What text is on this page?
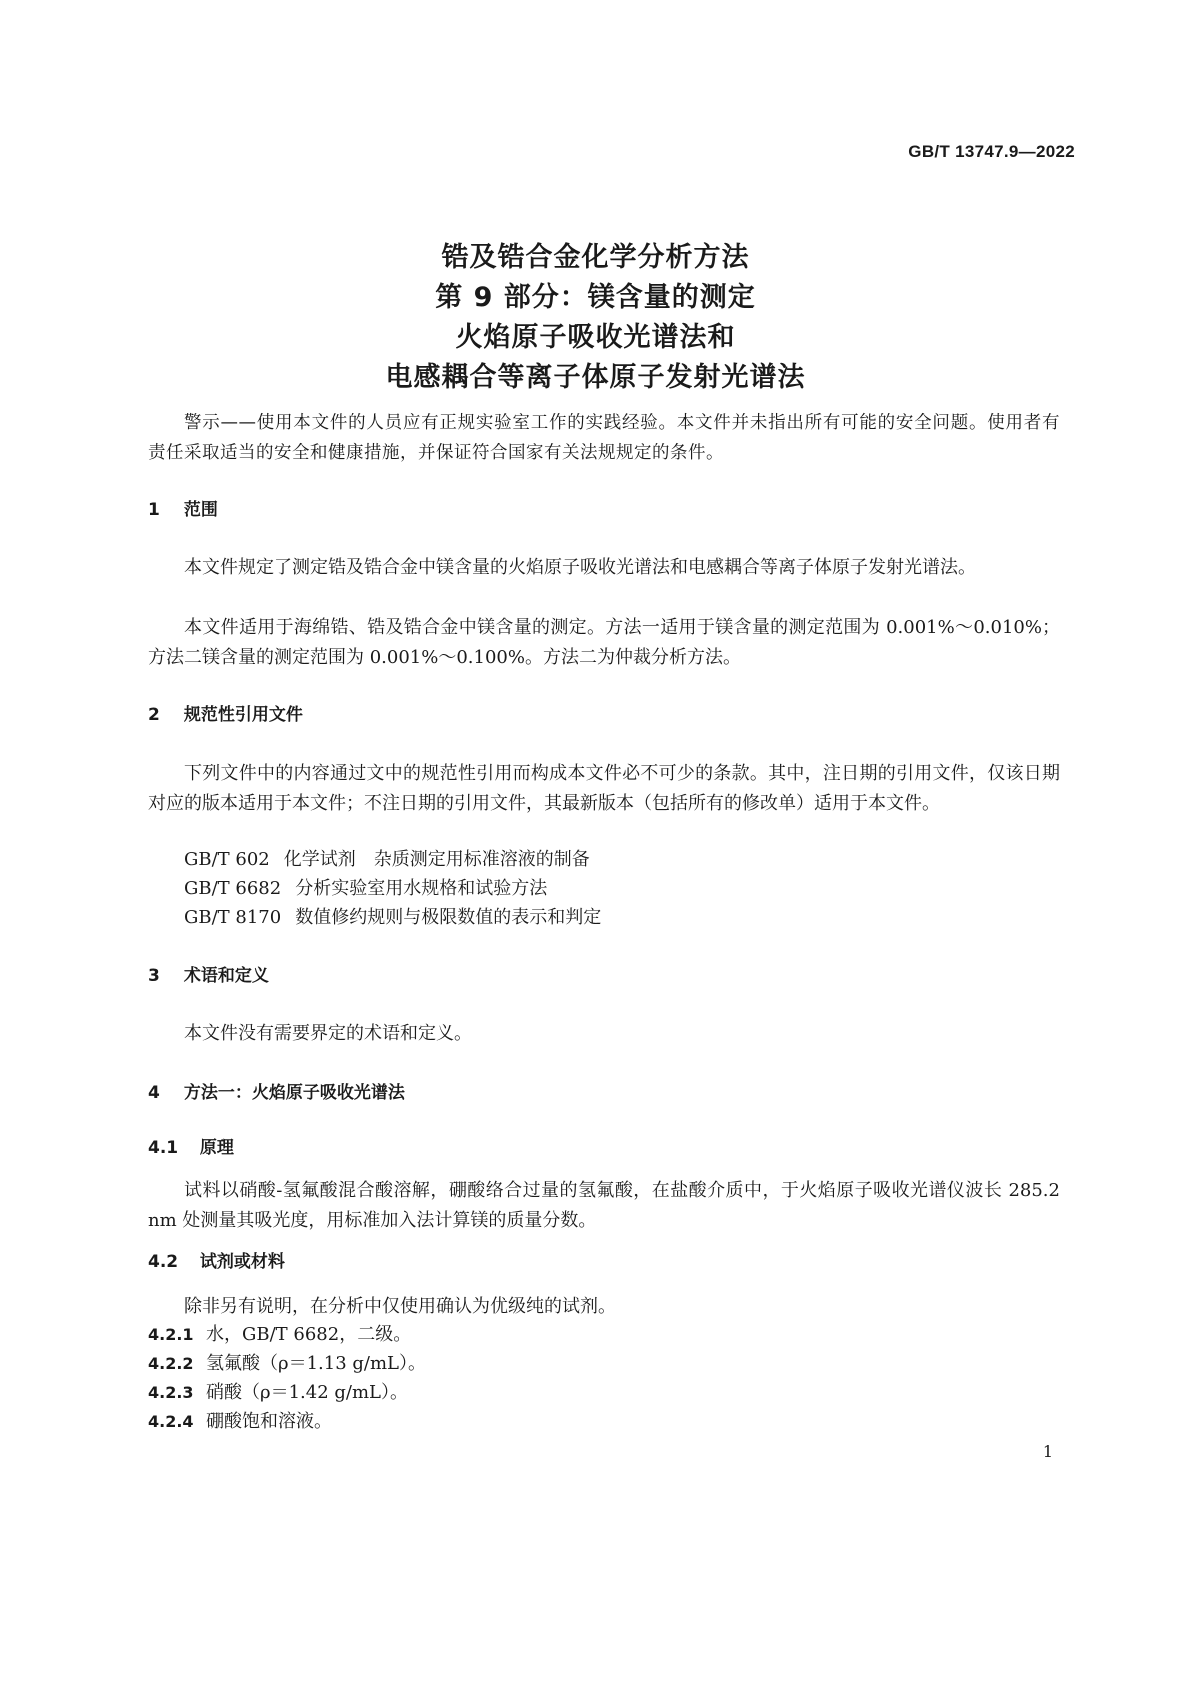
GB/T 13747.9—2022
锆及锆合金化学分析方法
第 9 部分：镁含量的测定
火焰原子吸收光谱法和
电感耦合等离子体原子发射光谱法
警示——使用本文件的人员应有正规实验室工作的实践经验。本文件并未指出所有可能的安全问题。使用者有责任采取适当的安全和健康措施，并保证符合国家有关法规规定的条件。
1 范围
本文件规定了测定锆及锆合金中镁含量的火焰原子吸收光谱法和电感耦合等离子体原子发射光谱法。
本文件适用于海绵锆、锆及锆合金中镁含量的测定。方法一适用于镁含量的测定范围为 0.001%～0.010%；方法二镁含量的测定范围为 0.001%～0.100%。方法二为仲裁分析方法。
2 规范性引用文件
下列文件中的内容通过文中的规范性引用而构成本文件必不可少的条款。其中，注日期的引用文件，仅该日期对应的版本适用于本文件；不注日期的引用文件，其最新版本（包括所有的修改单）适用于本文件。
GB/T 602 化学试剂　杂质测定用标准溶液的制备
GB/T 6682 分析实验室用水规格和试验方法
GB/T 8170 数值修约规则与极限数值的表示和判定
3 术语和定义
本文件没有需要界定的术语和定义。
4 方法一：火焰原子吸收光谱法
4.1 原理
试料以硝酸-氢氟酸混合酸溶解，硼酸络合过量的氢氟酸，在盐酸介质中，于火焰原子吸收光谱仪波长 285.2 nm 处测量其吸光度，用标准加入法计算镁的质量分数。
4.2 试剂或材料
除非另有说明，在分析中仅使用确认为优级纯的试剂。
4.2.1 水，GB/T 6682，二级。
4.2.2 氢氟酸（ρ＝1.13 g/mL）。
4.2.3 硝酸（ρ＝1.42 g/mL）。
4.2.4 硼酸饱和溶液。
1
